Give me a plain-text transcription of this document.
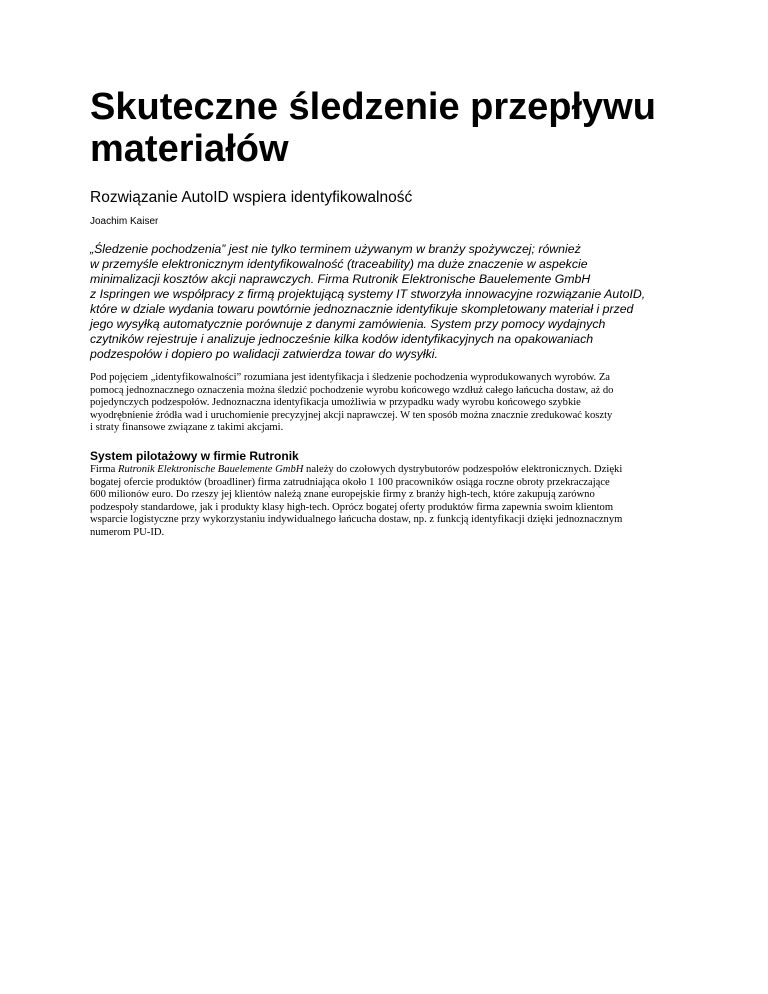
Skuteczne śledzenie przepływu
materiałów

Rozwiązanie AutoID wspiera identyfikowalność

Joachim Kaiser

„Śledzenie pochodzenia” jest nie tylko terminem używanym w branży spożywczej; również
w przemyśle elektronicznym identyfikowalność (traceability) ma duże znaczenie w aspekcie
minimalizacji kosztów akcji naprawczych. Firma Rutronik Elektronische Bauelemente GmbH
z Ispringen we współpracy z firmą projektującą systemy IT stworzyła innowacyjne rozwiązanie AutoID,
które w dziale wydania towaru powtórnie jednoznacznie identyfikuje skompletowany materiał i przed
jego wysyłką automatycznie porównuje z danymi zamówienia. System przy pomocy wydajnych
czytników rejestruje i analizuje jednocześnie kilka kodów identyfikacyjnych na opakowaniach
podzespołów i dopiero po walidacji zatwierdza towar do wysyłki.

Pod pojęciem „identyfikowalności” rozumiana jest identyfikacja i śledzenie pochodzenia wyprodukowanych wyrobów. Za
pomocą jednoznacznego oznaczenia można śledzić pochodzenie wyrobu końcowego wzdłuż całego łańcucha dostaw, aż do
pojedynczych podzespołów. Jednoznaczna identyfikacja umożliwia w przypadku wady wyrobu końcowego szybkie
wyodrębnienie źródła wad i uruchomienie precyzyjnej akcji naprawczej. W ten sposób można znacznie zredukować koszty
i straty finansowe związane z takimi akcjami.

System pilotażowy w firmie Rutronik

Firma Rutronik Elektronische Bauelemente GmbH należy do czołowych dystrybutorów podzespołów elektronicznych. Dzięki
bogatej ofercie produktów (broadliner) firma zatrudniająca około 1 100 pracowników osiąga roczne obroty przekraczające
600 milionów euro. Do rzeszy jej klientów należą znane europejskie firmy z branży high-tech, które zakupują zarówno
podzespoły standardowe, jak i produkty klasy high-tech. Oprócz bogatej oferty produktów firma zapewnia swoim klientom
wsparcie logistyczne przy wykorzystaniu indywidualnego łańcucha dostaw, np. z funkcją identyfikacji dzięki jednoznacznym
numerom PU-ID.
